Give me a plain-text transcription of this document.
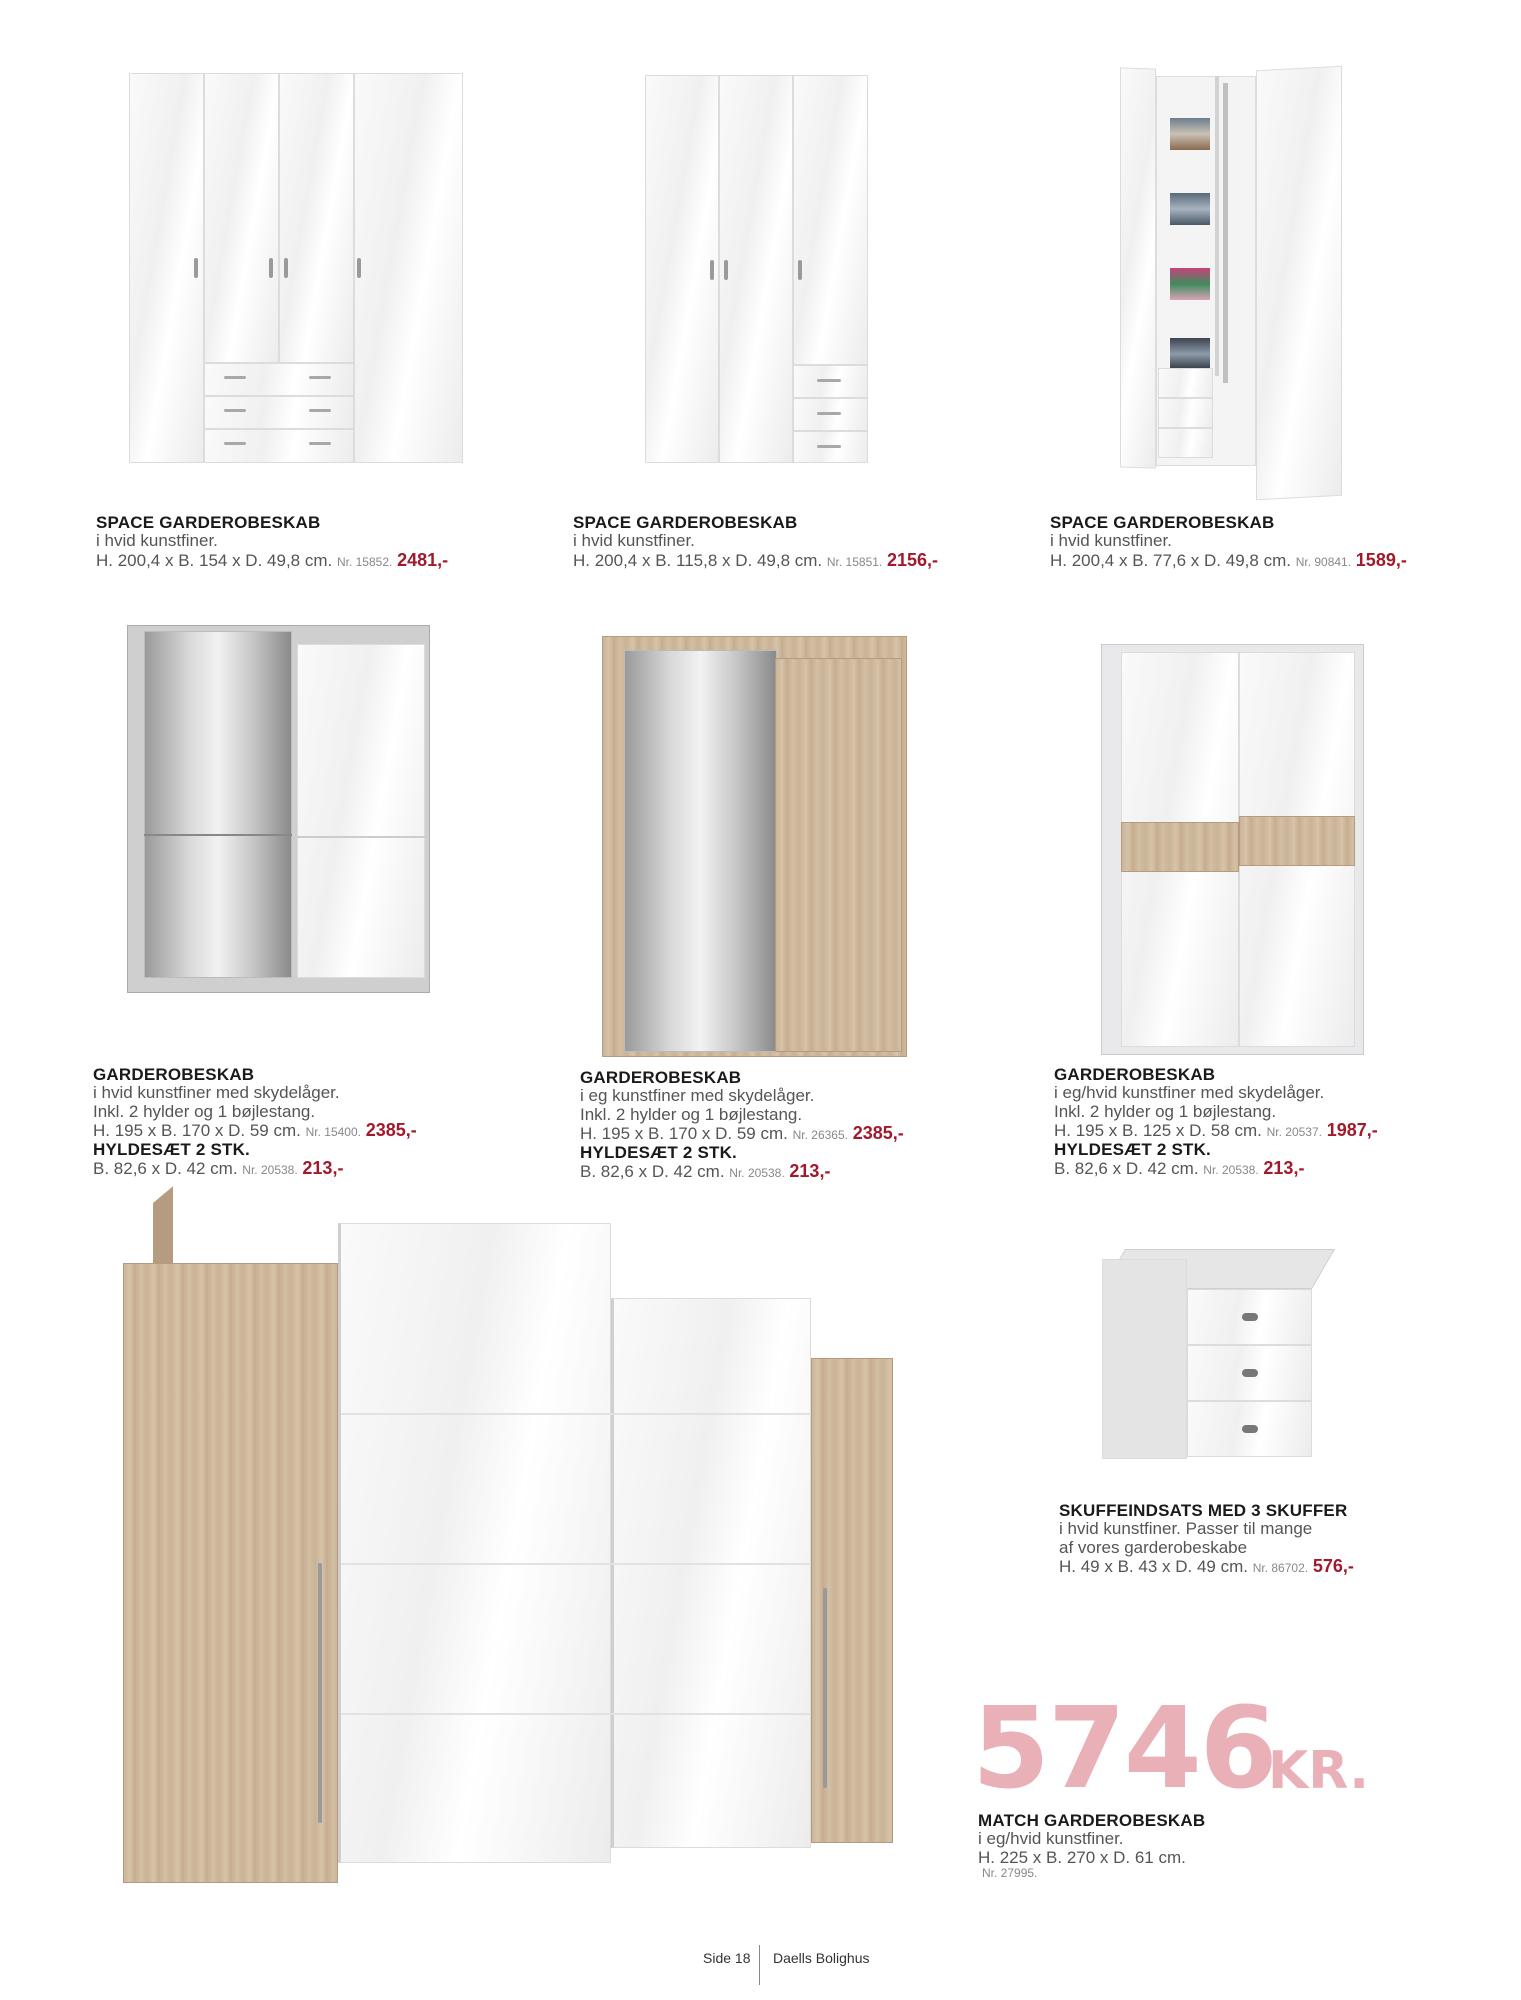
SPACE GARDEROBESKAB
i hvid kunstfiner.
H. 200,4 x B. 154 x D. 49,8 cm. Nr. 15852. 2481,-
SPACE GARDEROBESKAB
i hvid kunstfiner.
H. 200,4 x B. 115,8 x D. 49,8 cm. Nr. 15851. 2156,-
SPACE GARDEROBESKAB
i hvid kunstfiner.
H. 200,4 x B. 77,6 x D. 49,8 cm. Nr. 90841. 1589,-
GARDEROBESKAB
i hvid kunstfiner med skydelåger.
Inkl. 2 hylder og 1 bøjlestang.
H. 195 x B. 170 x D. 59 cm. Nr. 15400. 2385,-
HYLDESÆT 2 STK.
B. 82,6 x D. 42 cm. Nr. 20538. 213,-
GARDEROBESKAB
i eg kunstfiner med skydelåger.
Inkl. 2 hylder og 1 bøjlestang.
H. 195 x B. 170 x D. 59 cm. Nr. 26365. 2385,-
HYLDESÆT 2 STK.
B. 82,6 x D. 42 cm. Nr. 20538. 213,-
GARDEROBESKAB
i eg/hvid kunstfiner med skydelåger.
Inkl. 2 hylder og 1 bøjlestang.
H. 195 x B. 125 x D. 58 cm. Nr. 20537. 1987,-
HYLDESÆT 2 STK.
B. 82,6 x D. 42 cm. Nr. 20538. 213,-
SKUFFEINDSATS MED 3 SKUFFER
i hvid kunstfiner. Passer til mange
af vores garderobeskabe
H. 49 x B. 43 x D. 49 cm. Nr. 86702. 576,-
5746
KR.
MATCH GARDEROBESKAB
i eg/hvid kunstfiner.
H. 225 x B. 270 x D. 61 cm.
Nr. 27995.
Side 18 Daells Bolighus
